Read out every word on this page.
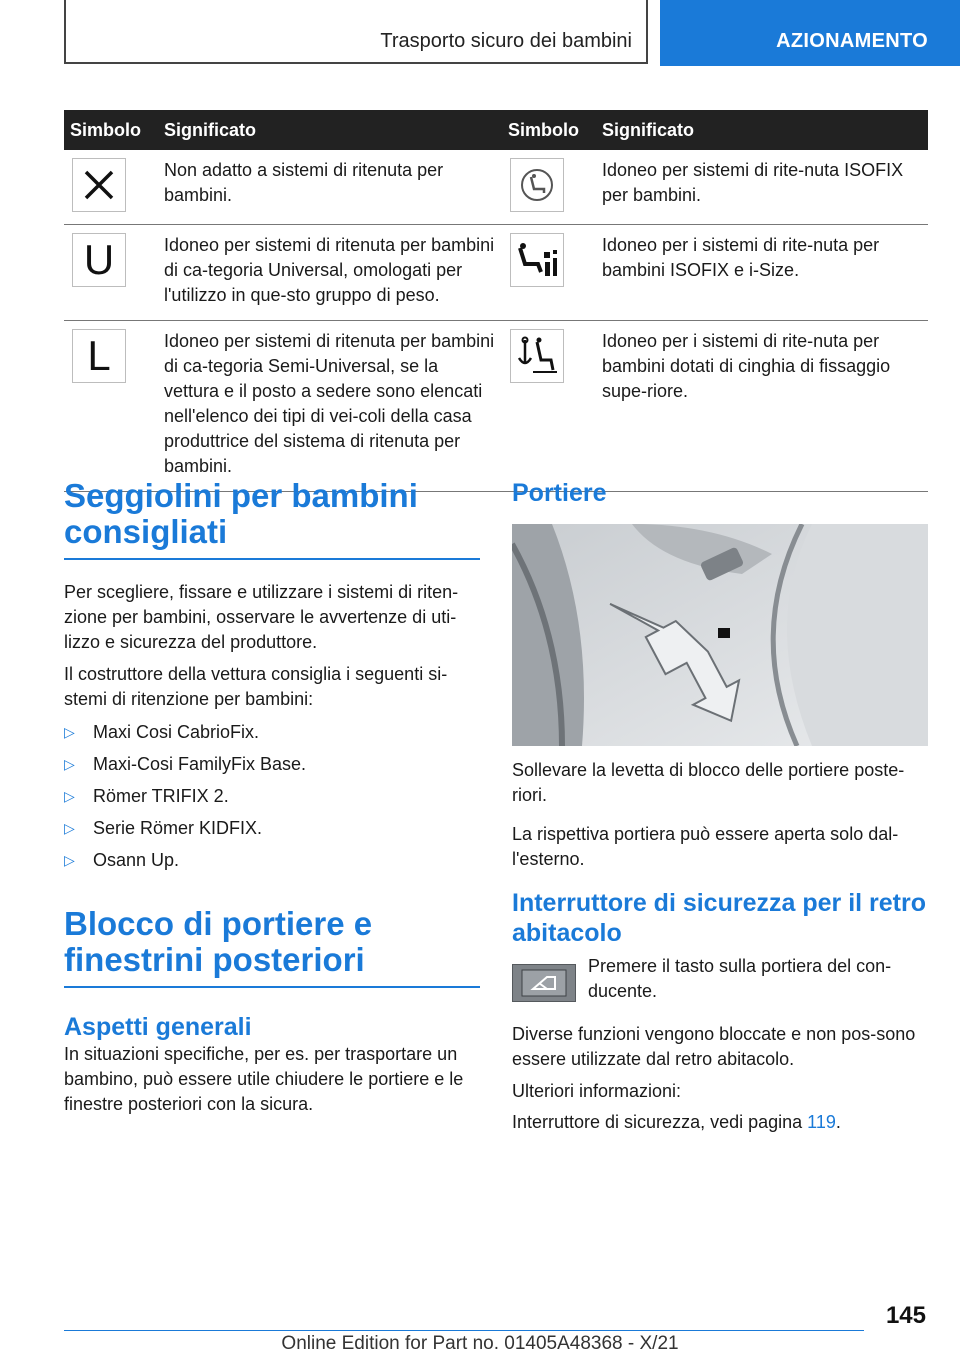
Trasporto sicuro dei bambini	AZIONAMENTO
Simbolo	Significato	Simbolo	Significato

	Non adatto a sistemi di ritenuta per bambini.		Idoneo per sistemi di rite-nuta ISOFIX per bambini.

U	Idoneo per sistemi di ritenuta per bambini di ca-tegoria Universal, omologati per l'utilizzo in que-sto gruppo di peso.		Idoneo per i sistemi di rite-nuta per bambini ISOFIX e i-Size.

L	Idoneo per sistemi di ritenuta per bambini di ca-tegoria Semi-Universal, se la vettura e il posto a sedere sono elencati nell'elenco dei tipi di vei-coli della casa produttrice del sistema di ritenuta per bambini.		Idoneo per i sistemi di rite-nuta per bambini dotati di cinghia di fissaggio supe-riore.
Seggiolini per bambini consigliati

Per scegliere, fissare e utilizzare i sistemi di riten-zione per bambini, osservare le avvertenze di uti-lizzo e sicurezza del produttore.

Il costruttore della vettura consiglia i seguenti si-stemi di ritenzione per bambini:

▷ Maxi Cosi CabrioFix.
▷ Maxi-Cosi FamilyFix Base.
▷ Römer TRIFIX 2.
▷ Serie Römer KIDFIX.
▷ Osann Up.
Blocco di portiere e finestrini posteriori
Aspetti generali

In situazioni specifiche, per es. per trasportare un bambino, può essere utile chiudere le portiere e le finestre posteriori con la sicura.

Portiere

Sollevare la levetta di blocco delle portiere poste-riori.

La rispettiva portiera può essere aperta solo dal-l'esterno.

Interruttore di sicurezza per il retro abitacolo

Premere il tasto sulla portiera del con-ducente.

Diverse funzioni vengono bloccate e non pos-sono essere utilizzate dal retro abitacolo.

Ulteriori informazioni:

Interruttore di sicurezza, vedi pagina 119.

145
Online Edition for Part no. 01405A48368 - X/21
